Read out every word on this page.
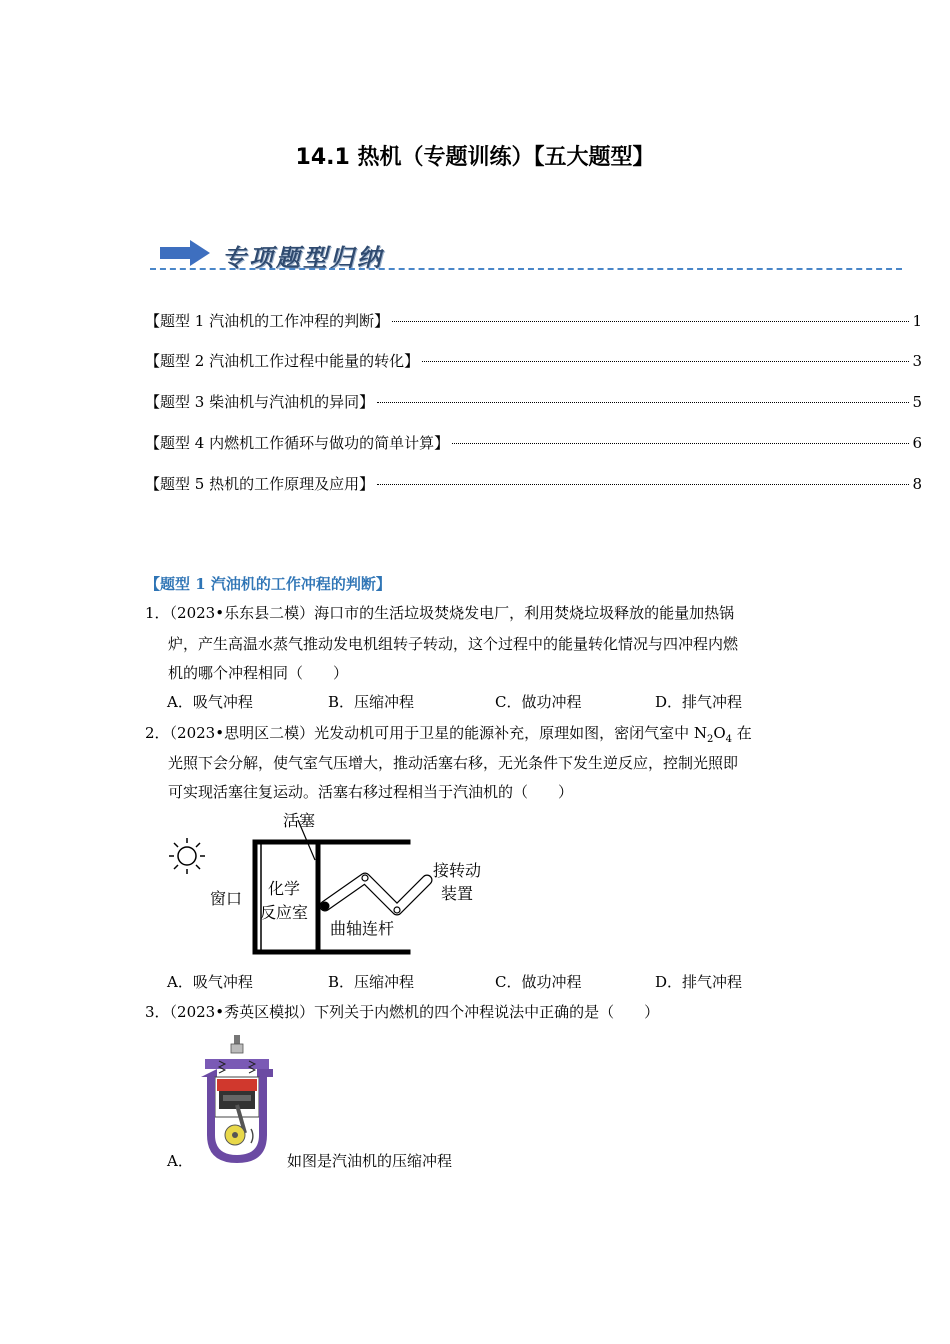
14.1 热机（专题训练）【五大题型】
专项题型归纳
【题型 1 汽油机的工作冲程的判断】	1
【题型 2 汽油机工作过程中能量的转化】	3
【题型 3 柴油机与汽油机的异同】	5
【题型 4 内燃机工作循环与做功的简单计算】	6
【题型 5 热机的工作原理及应用】	8
【题型 1 汽油机的工作冲程的判断】
1．（2023•乐东县二模）海口市的生活垃圾焚烧发电厂，利用焚烧垃圾释放的能量加热锅
炉，产生高温水蒸气推动发电机组转子转动，这个过程中的能量转化情况与四冲程内燃
机的哪个冲程相同（　　）
A．吸气冲程	B．压缩冲程	C．做功冲程	D．排气冲程
2．（2023•思明区二模）光发动机可用于卫星的能源补充，原理如图，密闭气室中 $N_2O_4$ 在
光照下会分解，使气室气压增大，推动活塞右移，无光条件下发生逆反应，控制光照即
可实现活塞往复运动。活塞右移过程相当于汽油机的（　　）
活塞
窗口
化学
反应室
曲轴连杆
接转动
装置
A．吸气冲程	B．压缩冲程	C．做功冲程	D．排气冲程
3．（2023•秀英区模拟）下列关于内燃机的四个冲程说法中正确的是（　　）
A．	如图是汽油机的压缩冲程
